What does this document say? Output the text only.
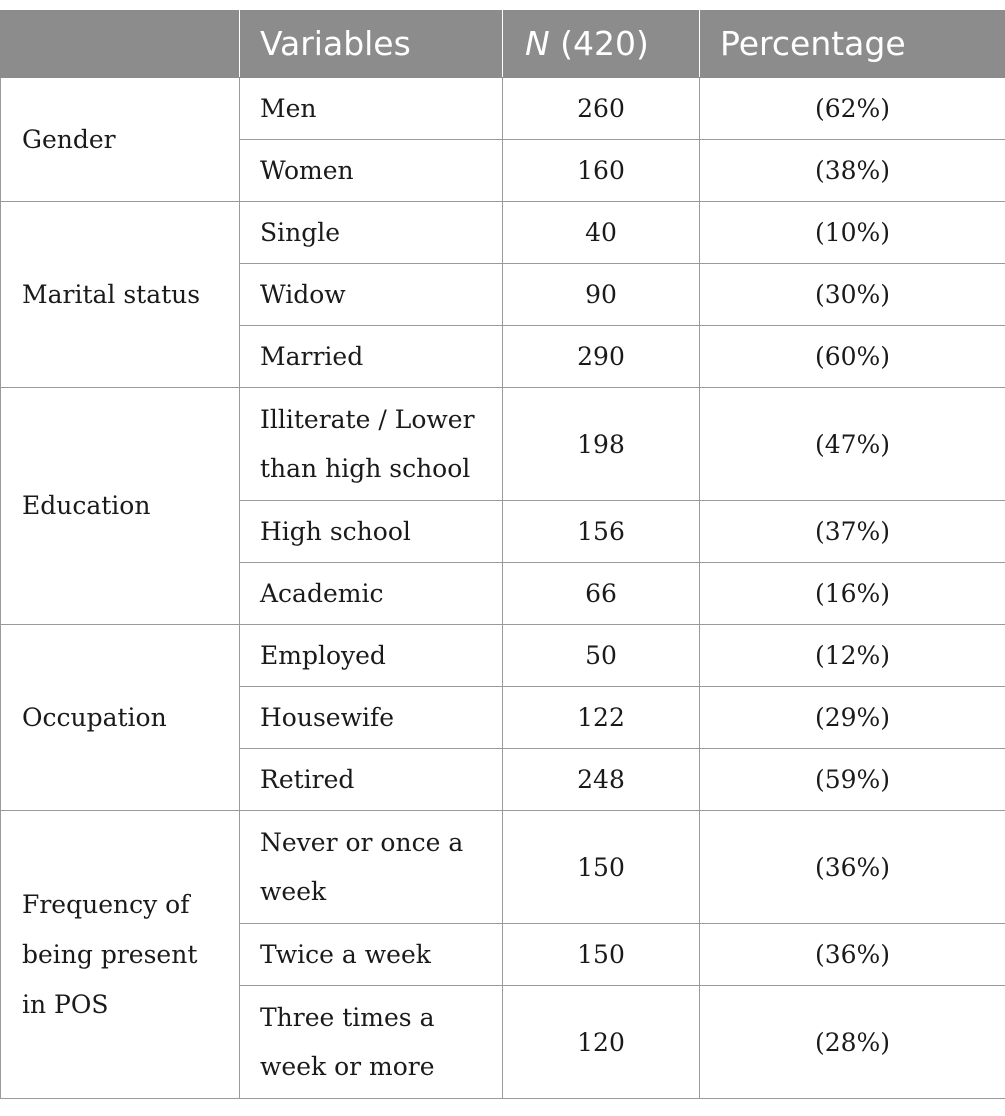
	Variables	N (420)	Percentage
Gender	Men	260	(62%)
	Women	160	(38%)
Marital status	Single	40	(10%)
	Widow	90	(30%)
	Married	290	(60%)
Education	Illiterate / Lower than high school	198	(47%)
	High school	156	(37%)
	Academic	66	(16%)
Occupation	Employed	50	(12%)
	Housewife	122	(29%)
	Retired	248	(59%)
Frequency of being present in POS	Never or once a week	150	(36%)
	Twice a week	150	(36%)
	Three times a week or more	120	(28%)
